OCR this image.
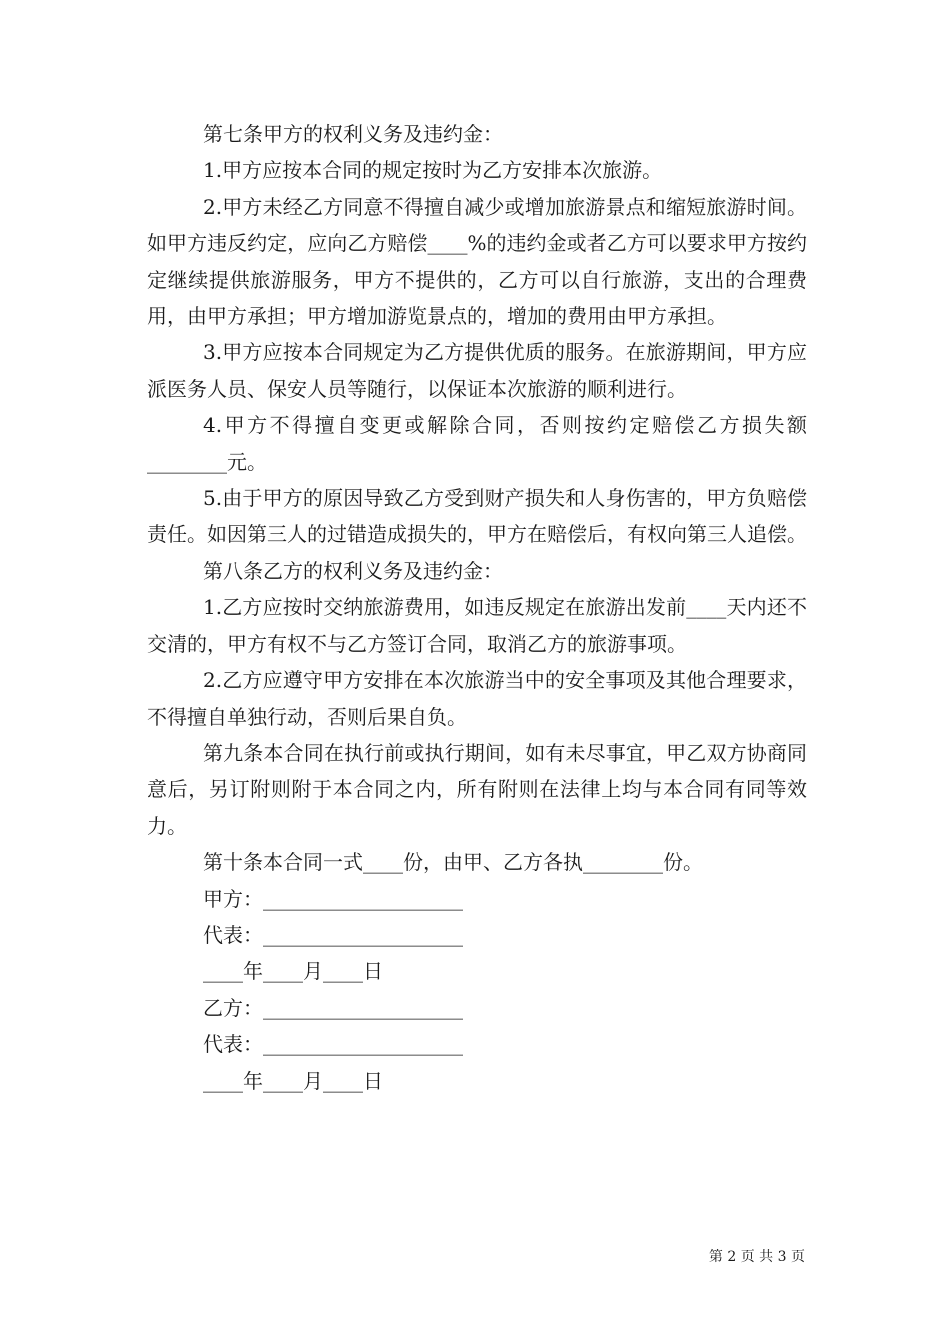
第七条甲方的权利义务及违约金：

1.甲方应按本合同的规定按时为乙方安排本次旅游。

2.甲方未经乙方同意不得擅自减少或增加旅游景点和缩短旅游时间。如甲方违反约定，应向乙方赔偿____%的违约金或者乙方可以要求甲方按约定继续提供旅游服务，甲方不提供的，乙方可以自行旅游，支出的合理费用，由甲方承担；甲方增加游览景点的，增加的费用由甲方承担。

3.甲方应按本合同规定为乙方提供优质的服务。在旅游期间，甲方应派医务人员、保安人员等随行，以保证本次旅游的顺利进行。

4.甲方不得擅自变更或解除合同，否则按约定赔偿乙方损失额________元。

5.由于甲方的原因导致乙方受到财产损失和人身伤害的，甲方负赔偿责任。如因第三人的过错造成损失的，甲方在赔偿后，有权向第三人追偿。

第八条乙方的权利义务及违约金：

1.乙方应按时交纳旅游费用，如违反规定在旅游出发前____天内还不交清的，甲方有权不与乙方签订合同，取消乙方的旅游事项。

2.乙方应遵守甲方安排在本次旅游当中的安全事项及其他合理要求，不得擅自单独行动，否则后果自负。

第九条本合同在执行前或执行期间，如有未尽事宜，甲乙双方协商同意后，另订附则附于本合同之内，所有附则在法律上均与本合同有同等效力。

第十条本合同一式____份，由甲、乙方各执________份。

甲方：____________________

代表：____________________

____年____月____日

乙方：____________________

代表：____________________

____年____月____日

第 2 页 共 3 页
